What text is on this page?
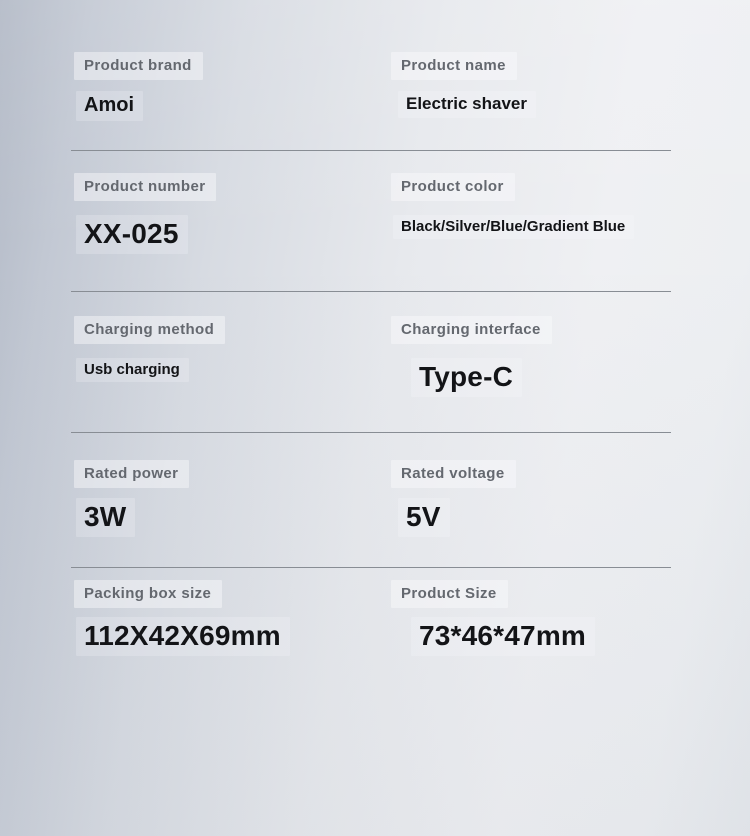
Product brand
Amoi
Product name
Electric shaver
Product number
XX-025
Product color
Black/Silver/Blue/Gradient Blue
Charging method
Usb charging
Charging interface
Type-C
Rated power
3W
Rated voltage
5V
Packing box size
112X42X69mm
Product Size
73*46*47mm
